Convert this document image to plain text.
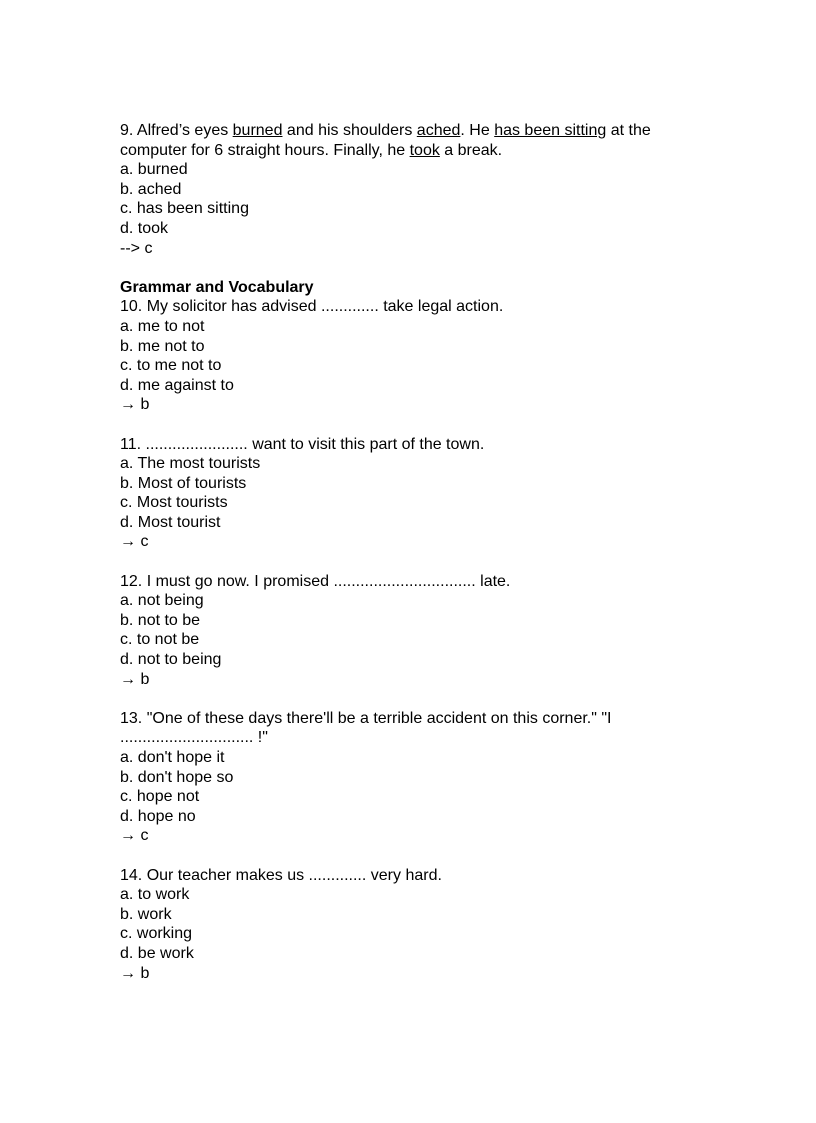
9. Alfred’s eyes burned and his shoulders ached. He has been sitting at the
computer for 6 straight hours. Finally, he took a break.
a. burned
b. ached
c. has been sitting
d. took
--> c
Grammar and Vocabulary
10. My solicitor has advised ............. take legal action.
a. me to not
b. me not to
c. to me not to
d. me against to
→ b
11. ....................... want to visit this part of the town.
a. The most tourists
b. Most of tourists
c. Most tourists
d. Most tourist
→ c
12. I must go now. I promised ................................ late.
a. not being
b. not to be
c. to not be
d. not to being
→ b
13. "One of these days there'll be a terrible accident on this corner." "I
.............................. !"
a. don't hope it
b. don't hope so
c. hope not
d. hope no
→ c
14. Our teacher makes us ............. very hard.
a. to work
b. work
c. working
d. be work
→ b
